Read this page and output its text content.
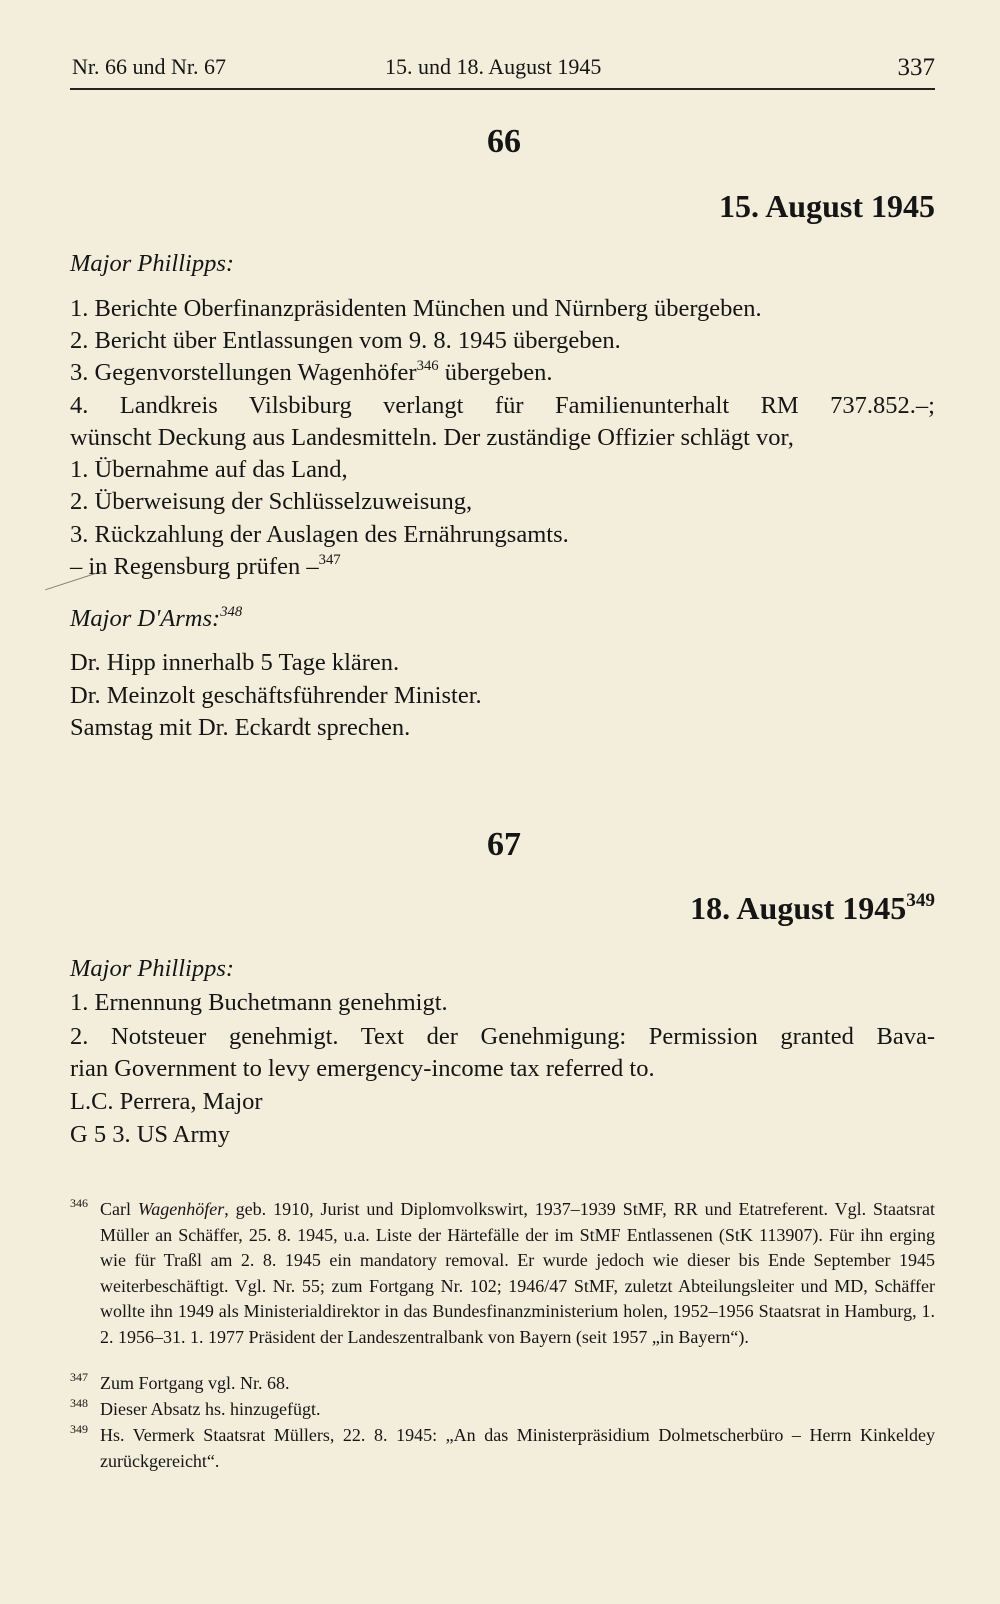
Nr. 66 und Nr. 67	15. und 18. August 1945	337
66
15. August 1945
Major Phillipps:
1. Berichte Oberfinanzpräsidenten München und Nürnberg übergeben.
2. Bericht über Entlassungen vom 9. 8. 1945 übergeben.
3. Gegenvorstellungen Wagenhöfer$^{346}$ übergeben.
4. Landkreis Vilsbiburg verlangt für Familienunterhalt RM 737.852.–;
wünscht Deckung aus Landesmitteln. Der zuständige Offizier schlägt vor,
1. Übernahme auf das Land,
2. Überweisung der Schlüsselzuweisung,
3. Rückzahlung der Auslagen des Ernährungsamts.
– in Regensburg prüfen –$^{347}$
Major D'Arms:$^{348}$
Dr. Hipp innerhalb 5 Tage klären.
Dr. Meinzolt geschäftsführender Minister.
Samstag mit Dr. Eckardt sprechen.
67
18. August 1945$^{349}$
Major Phillipps:
1. Ernennung Buchetmann genehmigt.
2. Notsteuer genehmigt. Text der Genehmigung: Permission granted Bava-
rian Government to levy emergency-income tax referred to.
L.C. Perrera, Major
G 5 3. US Army
346 Carl Wagenhöfer, geb. 1910, Jurist und Diplomvolkswirt, 1937–1939 StMF, RR und Etatreferent. Vgl. Staatsrat Müller an Schäffer, 25. 8. 1945, u.a. Liste der Härtefälle der im StMF Entlassenen (StK 113907). Für ihn erging wie für Traßl am 2. 8. 1945 ein mandatory removal. Er wurde jedoch wie dieser bis Ende September 1945 weiterbeschäftigt. Vgl. Nr. 55; zum Fortgang Nr. 102; 1946/47 StMF, zuletzt Abteilungsleiter und MD, Schäffer wollte ihn 1949 als Ministerialdirektor in das Bundesfinanzministerium holen, 1952–1956 Staatsrat in Hamburg, 1. 2. 1956–31. 1. 1977 Präsident der Landeszentralbank von Bayern (seit 1957 „in Bayern“).
347 Zum Fortgang vgl. Nr. 68.
348 Dieser Absatz hs. hinzugefügt.
349 Hs. Vermerk Staatsrat Müllers, 22. 8. 1945: „An das Ministerpräsidium Dolmetscherbüro – Herrn Kinkeldey zurückgereicht“.
